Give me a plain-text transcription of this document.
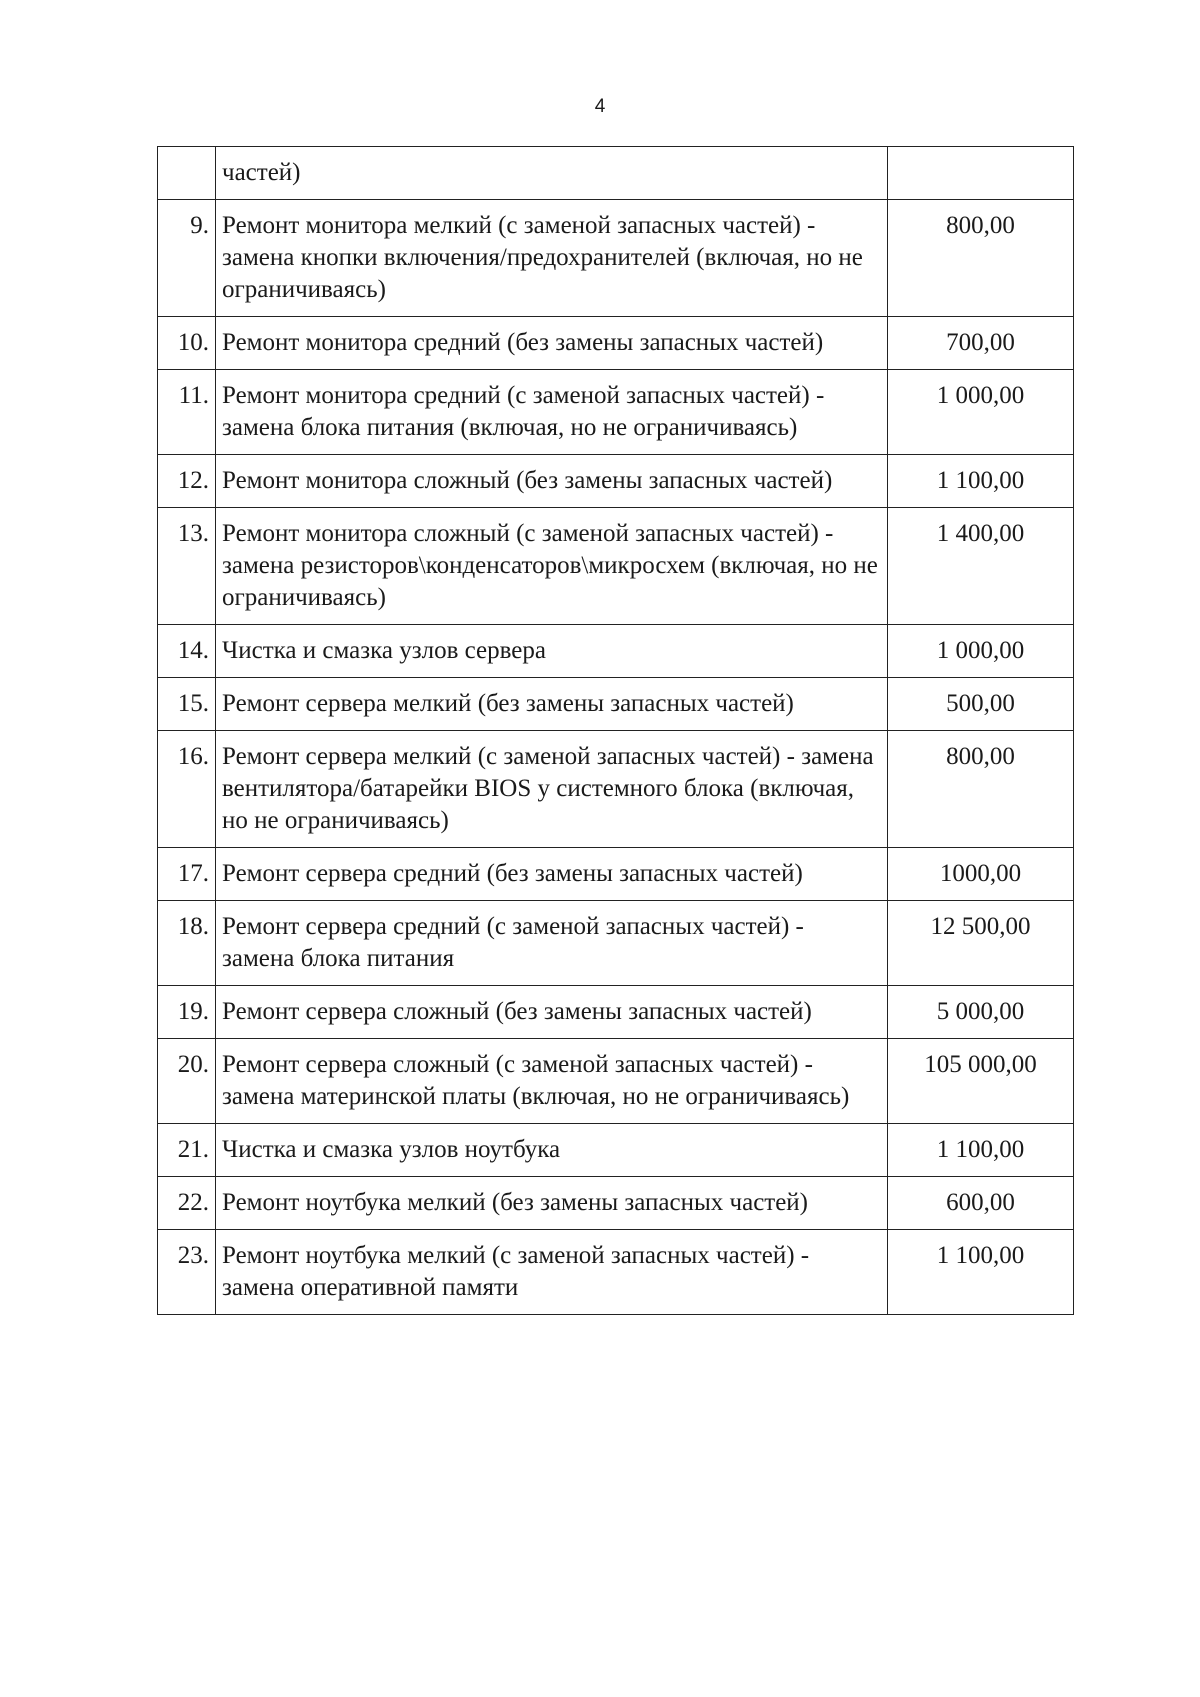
4
	частей)	
9.	Ремонт монитора мелкий (с заменой запасных частей) - замена кнопки включения/предохранителей (включая, но не ограничиваясь)	800,00
10.	Ремонт монитора средний (без замены запасных частей)	700,00
11.	Ремонт монитора средний (с заменой запасных частей) - замена блока питания (включая, но не ограничиваясь)	1 000,00
12.	Ремонт монитора сложный (без замены запасных частей)	1 100,00
13.	Ремонт монитора сложный (с заменой запасных частей) - замена резисторов\конденсаторов\микросхем (включая, но не ограничиваясь)	1 400,00
14.	Чистка и смазка узлов сервера	1 000,00
15.	Ремонт сервера мелкий (без замены запасных частей)	500,00
16.	Ремонт сервера мелкий (с заменой запасных частей) - замена вентилятора/батарейки BIOS у системного блока (включая, но не ограничиваясь)	800,00
17.	Ремонт сервера средний (без замены запасных частей)	1000,00
18.	Ремонт сервера средний (с заменой запасных частей) - замена блока питания	12 500,00
19.	Ремонт сервера сложный (без замены запасных частей)	5 000,00
20.	Ремонт сервера сложный (с заменой запасных частей) - замена материнской платы (включая, но не ограничиваясь)	105 000,00
21.	Чистка и смазка узлов ноутбука	1 100,00
22.	Ремонт ноутбука мелкий (без замены запасных частей)	600,00
23.	Ремонт ноутбука мелкий (с заменой запасных частей) - замена оперативной памяти	1 100,00
